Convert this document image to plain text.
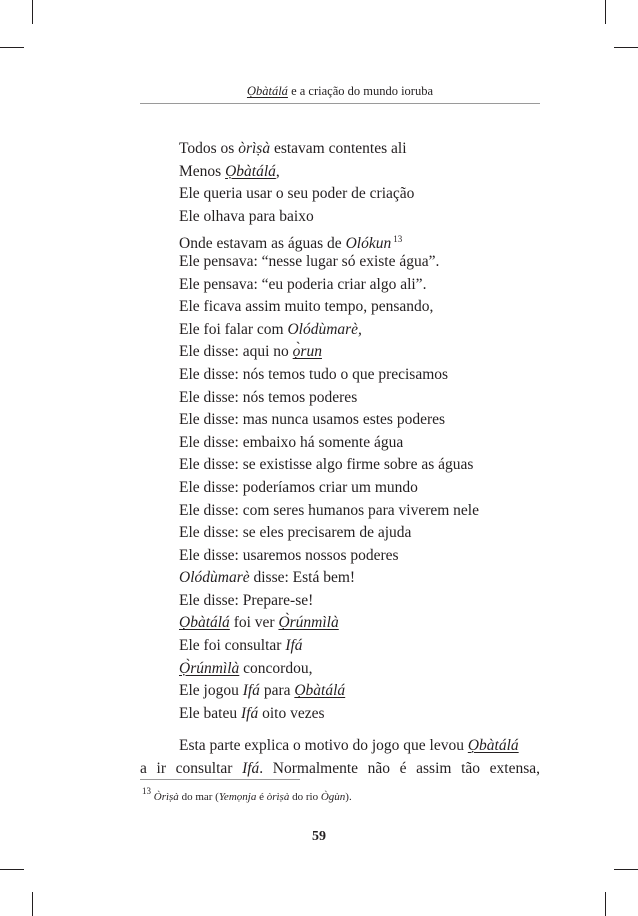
Ọbàtálá e a criação do mundo ioruba
Todos os òrìṣà estavam contentes ali
Menos Ọbàtálá,
Ele queria usar o seu poder de criação
Ele olhava para baixo
Onde estavam as águas de Olókun $^{13}$
Ele pensava: “nesse lugar só existe água”.
Ele pensava: “eu poderia criar algo ali”.
Ele ficava assim muito tempo, pensando,
Ele foi falar com Olódùmarè,
Ele disse: aqui no ọ̀run
Ele disse: nós temos tudo o que precisamos
Ele disse: nós temos poderes
Ele disse: mas nunca usamos estes poderes
Ele disse: embaixo há somente água
Ele disse: se existisse algo firme sobre as águas
Ele disse: poderíamos criar um mundo
Ele disse: com seres humanos para viverem nele
Ele disse: se eles precisarem de ajuda
Ele disse: usaremos nossos poderes
Olódùmarè disse: Está bem!
Ele disse: Prepare-se!
Ọbàtálá foi ver Ọ̀rúnmìlà
Ele foi consultar Ifá
Ọ̀rúnmìlà concordou,
Ele jogou Ifá para Ọbàtálá
Ele bateu Ifá oito vezes
Esta parte explica o motivo do jogo que levou Ọbàtálá
a ir consultar Ifá. Normalmente não é assim tão extensa,
$^{13}$ Òrìṣà do mar (Yemọnja é òrìṣà do rio Ògùn).
59
